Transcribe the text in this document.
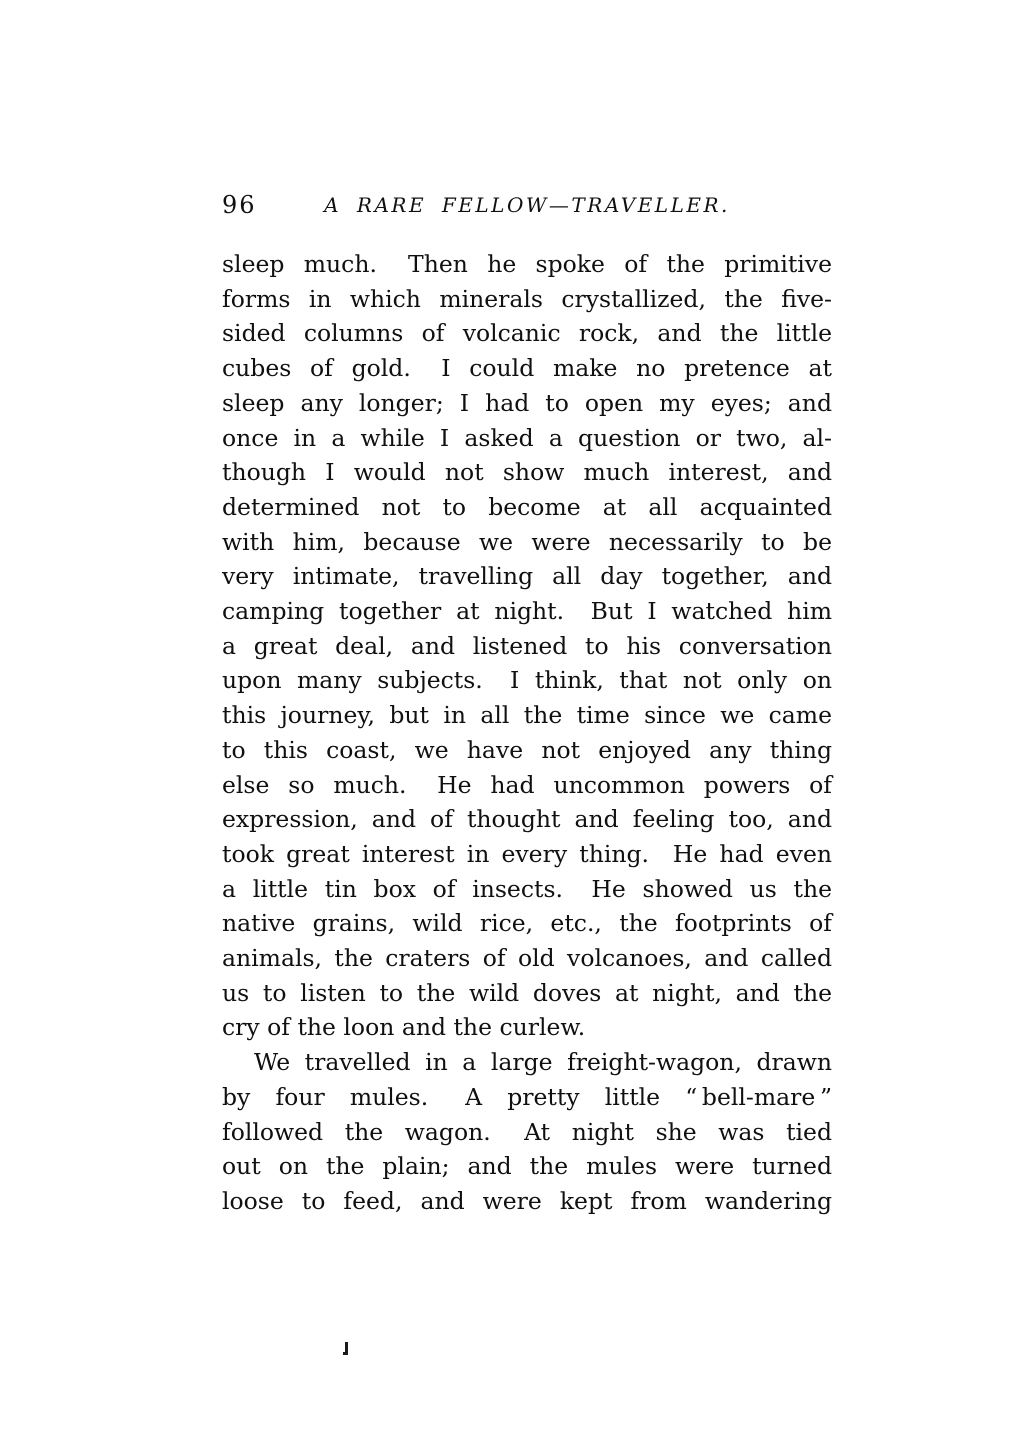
96	A RARE FELLOW—TRAVELLER.
sleep much.  Then he spoke of the primitive
forms in which minerals crystallized, the five-
sided columns of volcanic rock, and the little
cubes of gold.  I could make no pretence at
sleep any longer; I had to open my eyes; and
once in a while I asked a question or two, al-
though I would not show much interest, and
determined not to become at all acquainted
with him, because we were necessarily to be
very intimate, travelling all day together, and
camping together at night.  But I watched him
a great deal, and listened to his conversation
upon many subjects.  I think, that not only on
this journey, but in all the time since we came
to this coast, we have not enjoyed any thing
else so much.  He had uncommon powers of
expression, and of thought and feeling too, and
took great interest in every thing.  He had even
a little tin box of insects.  He showed us the
native grains, wild rice, etc., the footprints of
animals, the craters of old volcanoes, and called
us to listen to the wild doves at night, and the
cry of the loon and the curlew.
We travelled in a large freight-wagon, drawn
by four mules.  A pretty little “ bell-mare ”
followed the wagon.  At night she was tied
out on the plain; and the mules were turned
loose to feed, and were kept from wandering
